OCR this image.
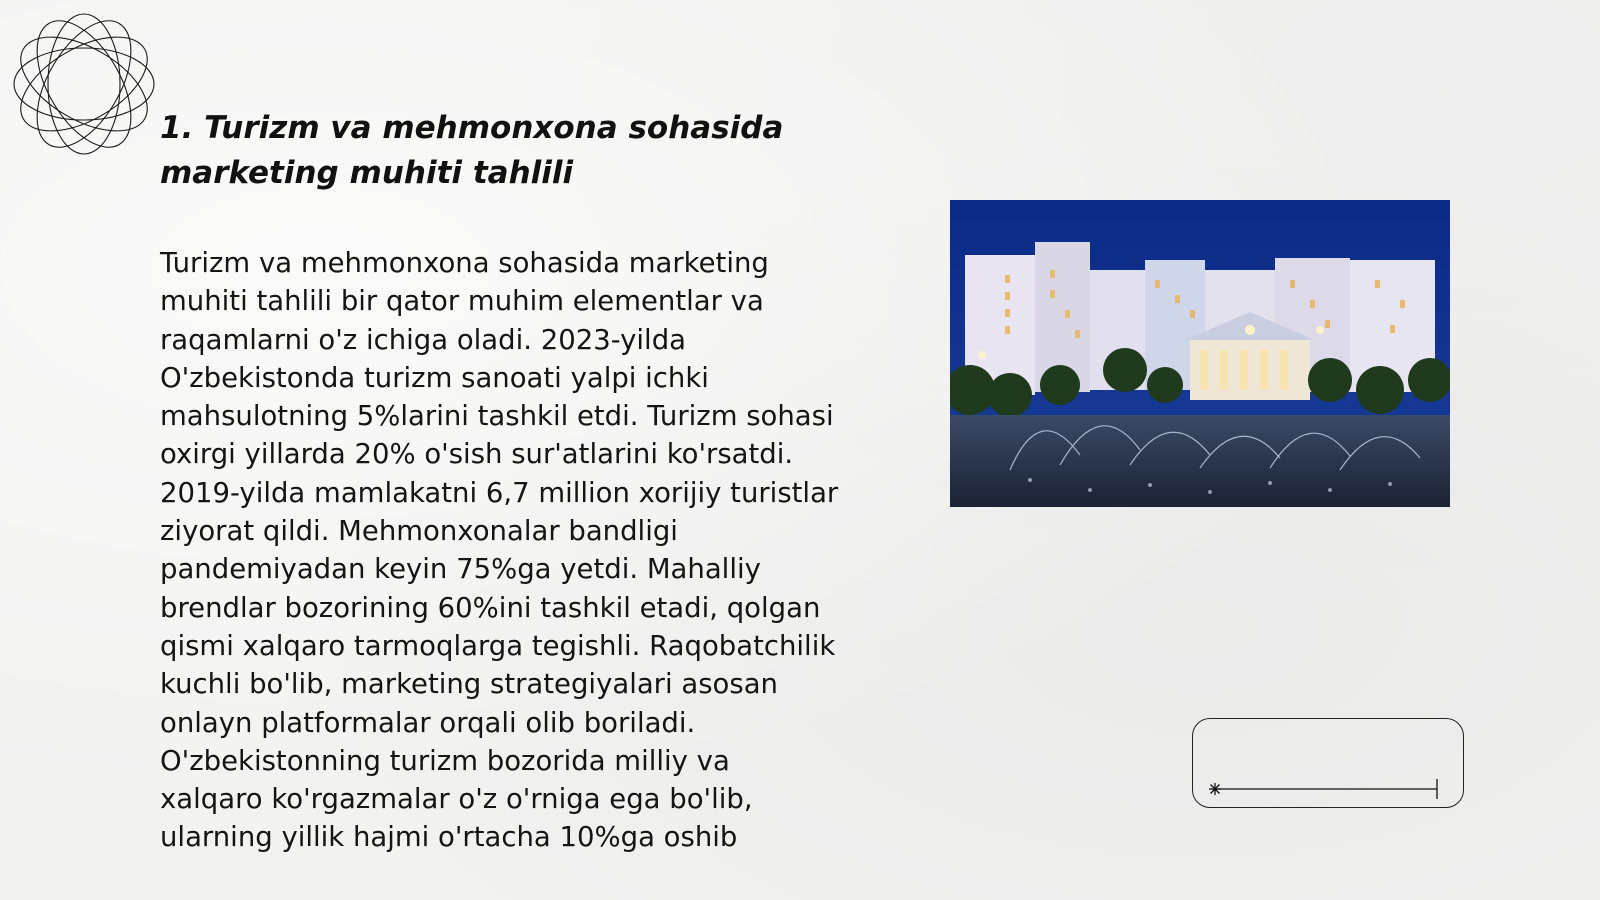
1. Turizm va mehmonxona sohasida marketing muhiti tahlili

Turizm va mehmonxona sohasida marketing muhiti tahlili bir qator muhim elementlar va raqamlarni o'z ichiga oladi. 2023-yilda O'zbekistonda turizm sanoati yalpi ichki mahsulotning 5%larini tashkil etdi. Turizm sohasi oxirgi yillarda 20% o'sish sur'atlarini ko'rsatdi. 2019-yilda mamlakatni 6,7 million xorijiy turistlar ziyorat qildi. Mehmonxonalar bandligi pandemiyadan keyin 75%ga yetdi. Mahalliy brendlar bozorining 60%ini tashkil etadi, qolgan qismi xalqaro tarmoqlarga tegishli. Raqobatchilik kuchli bo'lib, marketing strategiyalari asosan onlayn platformalar orqali olib boriladi. O'zbekistonning turizm bozorida milliy va xalqaro ko'rgazmalar o'z o'rniga ega bo'lib, ularning yillik hajmi o'rtacha 10%ga oshib
